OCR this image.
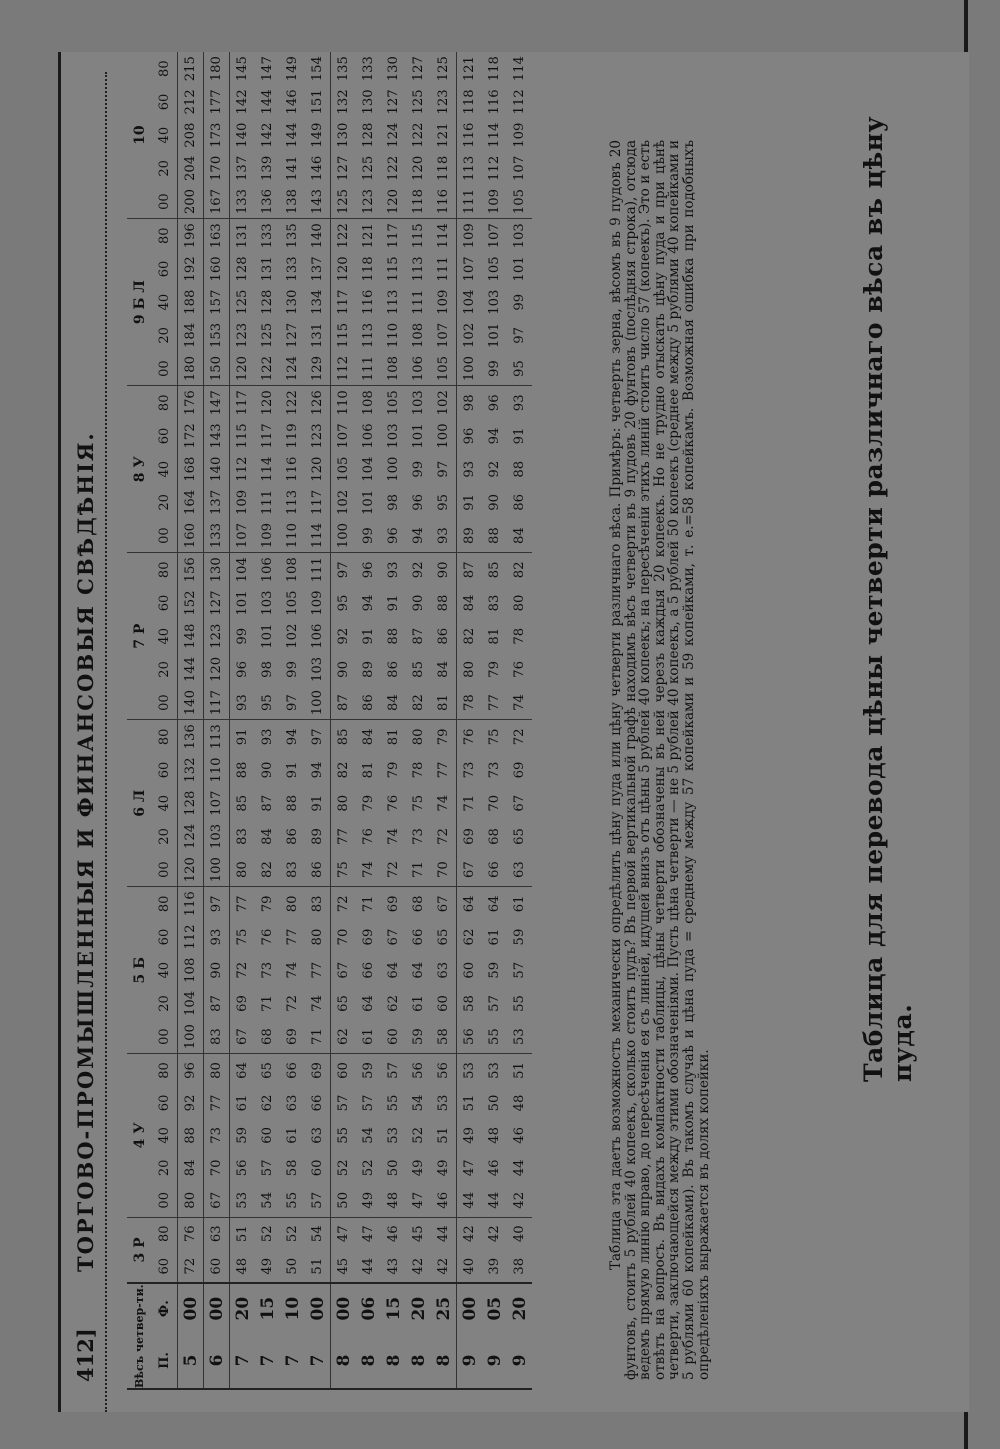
412]
ТОРГОВО-ПРОМЫШЛЕННЫЯ И ФИНАНСОВЫЯ СВѢДѢНІЯ.
Вѣсъ четвер-ти.		3 Р		4 У					5 Б					6 Л					7 Р					8 У					9 Б Л					10				
П.	Ф.	60	80	00	20	40	60	80	00	20	40	60	80	00	20	40	60	80	00	20	40	60	80	00	20	40	60	80	00	20	40	60	80	00	20	40	60	80
5	00	72	76	80	84	88	92	96	100	104	108	112	116	120	124	128	132	136	140	144	148	152	156	160	164	168	172	176	180	184	188	192	196	200	204	208	212	215
6	00	60	63	67	70	73	77	80	83	87	90	93	97	100	103	107	110	113	117	120	123	127	130	133	137	140	143	147	150	153	157	160	163	167	170	173	177	180
7	20	48	51	53	56	59	61	64	67	69	72	75	77	80	83	85	88	91	93	96	99	101	104	107	109	112	115	117	120	123	125	128	131	133	137	140	142	145
7	15	49	52	54	57	60	62	65	68	71	73	76	79	82	84	87	90	93	95	98	101	103	106	109	111	114	117	120	122	125	128	131	133	136	139	142	144	147
7	10	50	52	55	58	61	63	66	69	72	74	77	80	83	86	88	91	94	97	99	102	105	108	110	113	116	119	122	124	127	130	133	135	138	141	144	146	149
7	00	51	54	57	60	63	66	69	71	74	77	80	83	86	89	91	94	97	100	103	106	109	111	114	117	120	123	126	129	131	134	137	140	143	146	149	151	154
8	00	45	47	50	52	55	57	60	62	65	67	70	72	75	77	80	82	85	87	90	92	95	97	100	102	105	107	110	112	115	117	120	122	125	127	130	132	135
8	06	44	47	49	52	54	57	59	61	64	66	69	71	74	76	79	81	84	86	89	91	94	96	99	101	104	106	108	111	113	116	118	121	123	125	128	130	133
8	15	43	46	48	50	53	55	57	60	62	64	67	69	72	74	76	79	81	84	86	88	91	93	96	98	100	103	105	108	110	113	115	117	120	122	124	127	130
8	20	42	45	47	49	52	54	56	59	61	64	66	68	71	73	75	78	80	82	85	87	90	92	94	96	99	101	103	106	108	111	113	115	118	120	122	125	127
8	25	42	44	46	49	51	53	56	58	60	63	65	67	70	72	74	77	79	81	84	86	88	90	93	95	97	100	102	105	107	109	111	114	116	118	121	123	125
9	00	40	42	44	47	49	51	53	56	58	60	62	64	67	69	71	73	76	78	80	82	84	87	89	91	93	96	98	100	102	104	107	109	111	113	116	118	121
9	05	39	42	44	46	48	50	53	55	57	59	61	64	66	68	70	73	75	77	79	81	83	85	88	90	92	94	96	99	101	103	105	107	109	112	114	116	118
9	20	38	40	42	44	46	48	51	53	55	57	59	61	63	65	67	69	72	74	76	78	80	82	84	86	88	91	93	95	97	99	101	103	105	107	109	112	114
Таблица для перевода цѣны четверти различнаго вѣса въ цѣну пуда.

Таблица эта даетъ возможность механически опредѣлить цѣну пуда или цѣну четверти различнаго вѣса. Примѣръ: четверть зерна, вѣсомъ въ 9 пудовъ 20 фунтовъ, стоитъ 5 рублей 40 копеекъ, сколько стоитъ пудъ? Въ первой вертикальной графѣ находимъ вѣсъ четверти въ 9 пудовъ 20 фунтовъ (послѣдняя строка), отсюда ведемъ прямую линію вправо, до пересѣченія ея съ линіей, идущей внизъ отъ цѣны 5 рублей 40 копеекъ; на пересѣченіи этихъ линій стоитъ число 57 (копеекъ). Это и есть отвѣтъ на вопросъ. Въ видахъ компактности таблицы, цѣны четверти обозначены въ ней черезъ каждыя 20 копеекъ. Но не трудно отыскать цѣну пуда и при цѣнѣ четверти, заключающейся между этими обозначеніями. Пусть цѣна четверти — не 5 рублей 40 копеекъ, а 5 рублей 50 копеекъ (среднее между 5 рублями 40 копейками и 5 рублями 60 копейками). Въ такомъ случаѣ и цѣна пуда = среднему между 57 копейками и 59 копейками, т. е.=58 копейкамъ. Возможная ошибка при подобныхъ опредѣленіяхъ выражается въ долях копейки.
